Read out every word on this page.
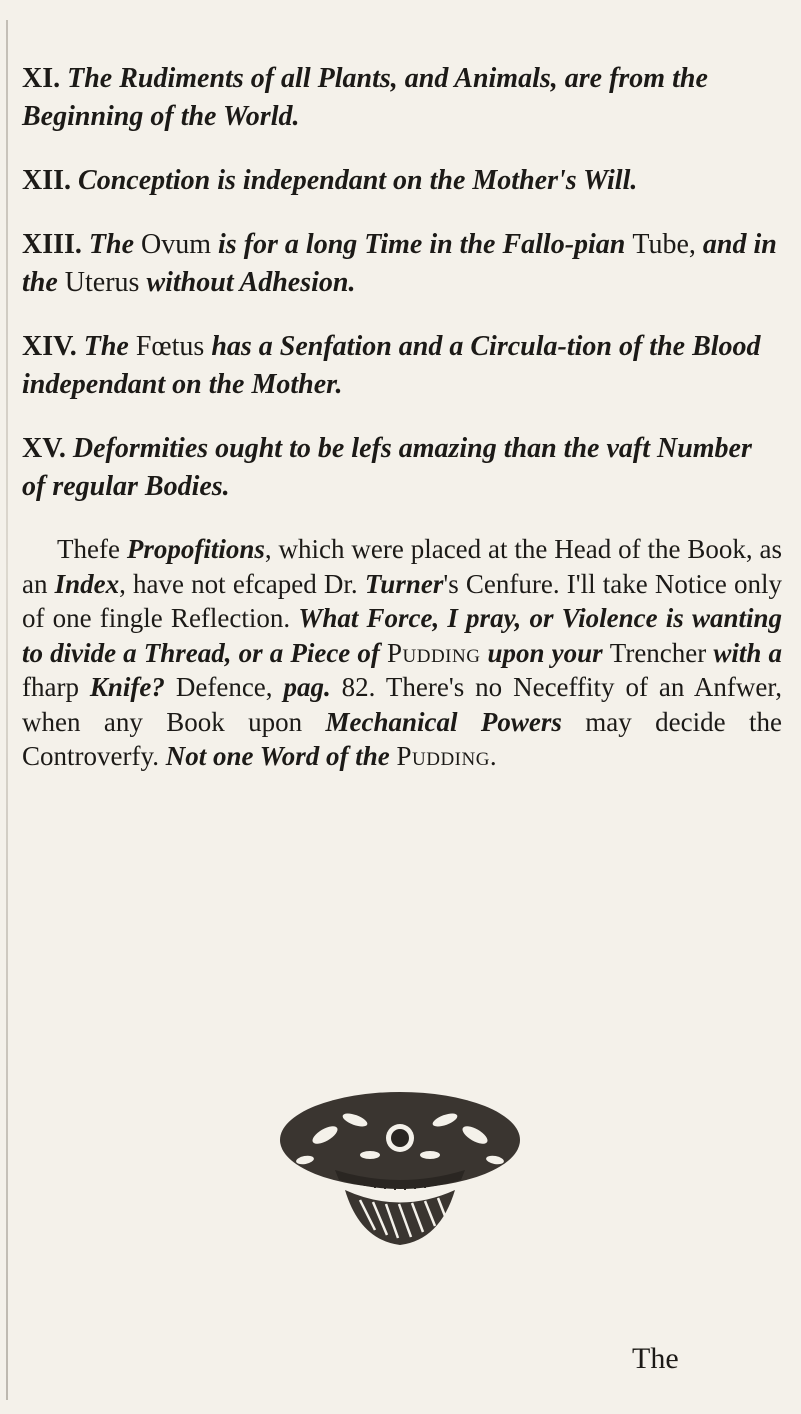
XI. The Rudiments of all Plants, and Animals, are from the Beginning of the World.

XII. Conception is independant on the Mother's Will.

XIII. The Ovum is for a long Time in the Fallo-pian Tube, and in the Uterus without Adhesion.

XIV. The Fœtus has a Senfation and a Circula-tion of the Blood independant on the Mother.

XV. Deformities ought to be lefs amazing than the vaft Number of regular Bodies.

Thefe Propofitions, which were placed at the Head of the Book, as an Index, have not efcaped Dr. Turner's Cenfure. I'll take Notice only of one fingle Reflection. What Force, I pray, or Violence is wanting to divide a Thread, or a Piece of Pudding upon your Trencher with a fharp Knife? Defence, pag. 82. There's no Neceffity of an Anfwer, when any Book upon Mechanical Powers may decide the Controverfy. Not one Word of the Pudding.

The
